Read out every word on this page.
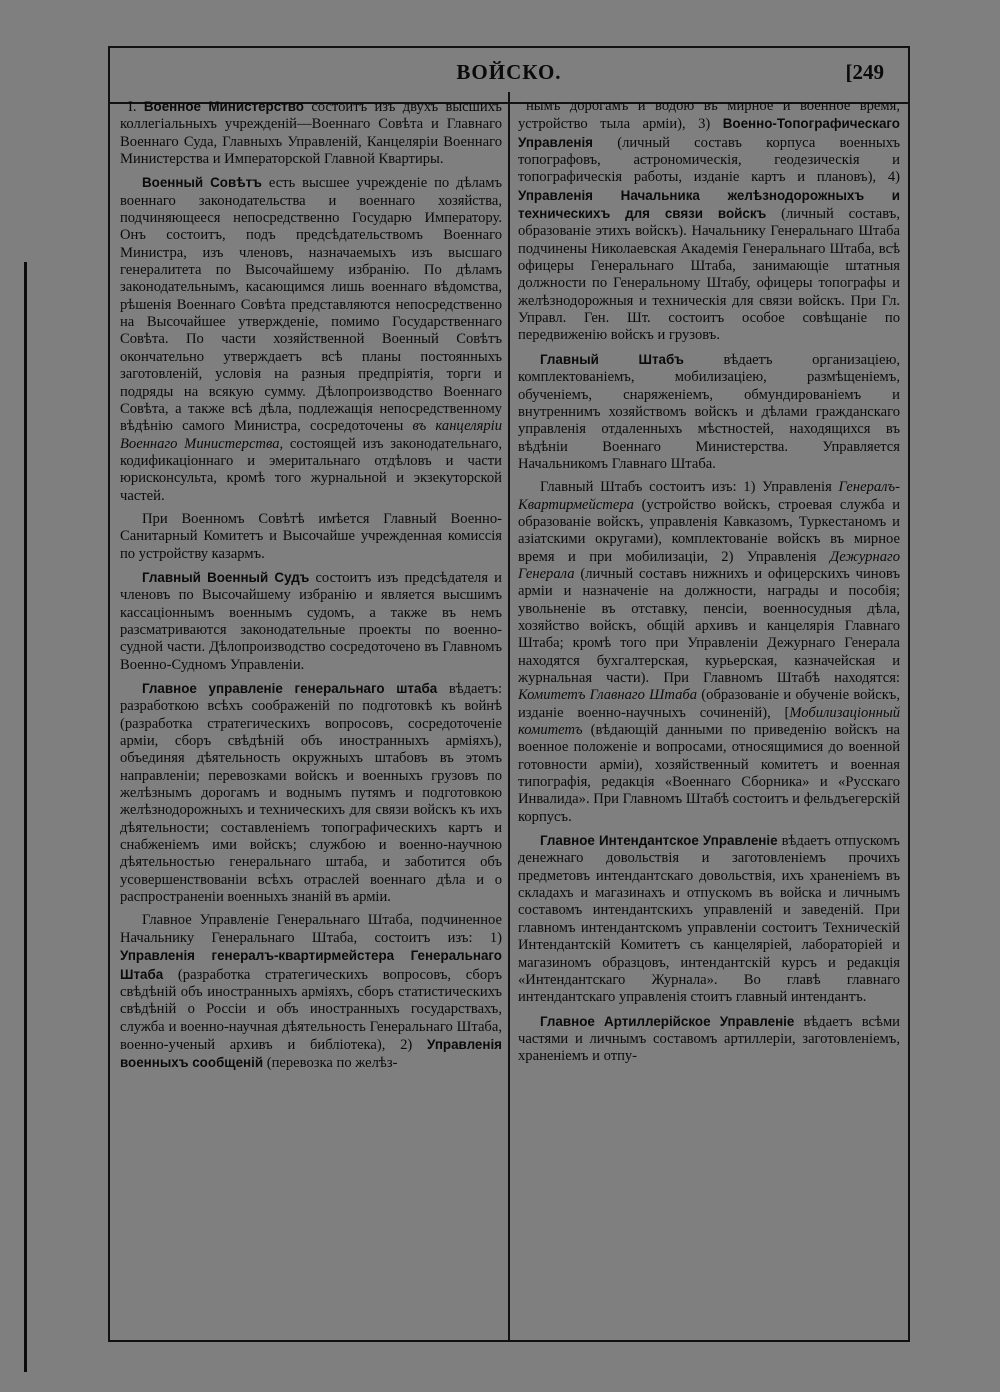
ВОЙСКО.	[249

I. Военное Министерство состоитъ изъ двухъ высшихъ коллегіальныхъ учрежденій—Военнаго Совѣта и Главнаго Военнаго Суда, Главныхъ Управленій, Канцеляріи Военнаго Министерства и Императорской Главной Квартиры.

Военный Совѣтъ есть высшее учрежденіе по дѣламъ военнаго законодательства и военнаго хозяйства, подчиняющееся непосредственно Государю Императору. Онъ состоитъ, подъ предсѣдательствомъ Военнаго Министра, изъ членовъ, назначаемыхъ изъ высшаго генералитета по Высочайшему избранію. По дѣламъ законодательнымъ, касающимся лишь военнаго вѣдомства, рѣшенія Военнаго Совѣта представляются непосредственно на Высочайшее утвержденіе, помимо Государственнаго Совѣта. По части хозяйственной Военный Совѣтъ окончательно утверждаетъ всѣ планы постоянныхъ заготовленій, условія на разныя предпріятія, торги и подряды на всякую сумму. Дѣлопроизводство Военнаго Совѣта, а также всѣ дѣла, подлежащія непосредственному вѣдѣнію самого Министра, сосредоточены въ канцеляріи Военнаго Министерства, состоящей изъ законодательнаго, кодификаціоннаго и эмеритальнаго отдѣловъ и части юрисконсульта, кромѣ того журнальной и экзекуторской частей.

При Военномъ Совѣтѣ имѣется Главный Военно-Санитарный Комитетъ и Высочайше учрежденная комиссія по устройству казармъ.

Главный Военный Судъ состоитъ изъ предсѣдателя и членовъ по Высочайшему избранію и является высшимъ кассаціоннымъ военнымъ судомъ, а также въ немъ разсматриваются законодательные проекты по военно-судной части. Дѣлопроизводство сосредоточено въ Главномъ Военно-Судномъ Управленіи.

Главное управленіе генеральнаго штаба вѣдаетъ: разработкою всѣхъ соображеній по подготовкѣ къ войнѣ (разработка стратегическихъ вопросовъ, сосредоточеніе арміи, сборъ свѣдѣній объ иностранныхъ арміяхъ), объединяя дѣятельность окружныхъ штабовъ въ этомъ направленіи; перевозками войскъ и военныхъ грузовъ по желѣзнымъ дорогамъ и воднымъ путямъ и подготовкою желѣзнодорожныхъ и техническихъ для связи войскъ къ ихъ дѣятельности; составленіемъ топографическихъ картъ и снабженіемъ ими войскъ; службою и военно-научною дѣятельностью генеральнаго штаба, и заботится объ усовершенствованіи всѣхъ отраслей военнаго дѣла и о распространеніи военныхъ знаній въ арміи.

Главное Управленіе Генеральнаго Штаба, подчиненное Начальнику Генеральнаго Штаба, состоитъ изъ: 1) Управленія генералъ-квартирмейстера Генеральнаго Штаба (разработка стратегическихъ вопросовъ, сборъ свѣдѣній объ иностранныхъ арміяхъ, сборъ статистическихъ свѣдѣній о Россіи и объ иностранныхъ государствахъ, служба и военно-научная дѣятельность Генеральнаго Штаба, военно-ученый архивъ и библіотека), 2) Управленія военныхъ сообщеній (перевозка по желѣз-

нымъ дорогамъ и водою въ мирное и военное время, устройство тыла арміи), 3) Военно-Топографическаго Управленія (личный составъ корпуса военныхъ топографовъ, астрономическія, геодезическія и топографическія работы, изданіе картъ и плановъ), 4) Управленія Начальника желѣзнодорожныхъ и техническихъ для связи войскъ (личный составъ, образованіе этихъ войскъ). Начальнику Генеральнаго Штаба подчинены Николаевская Академія Генеральнаго Штаба, всѣ офицеры Генеральнаго Штаба, занимающіе штатныя должности по Генеральному Штабу, офицеры топографы и желѣзнодорожныя и техническія для связи войскъ. При Гл. Управл. Ген. Шт. состоитъ особое совѣщаніе по передвиженію войскъ и грузовъ.

Главный Штабъ вѣдаетъ организаціею, комплектованіемъ, мобилизаціею, размѣщеніемъ, обученіемъ, снаряженіемъ, обмундированіемъ и внутреннимъ хозяйствомъ войскъ и дѣлами гражданскаго управленія отдаленныхъ мѣстностей, находящихся въ вѣдѣніи Военнаго Министерства. Управляется Начальникомъ Главнаго Штаба.

Главный Штабъ состоитъ изъ: 1) Управленія Генералъ-Квартирмейстера (устройство войскъ, строевая служба и образованіе войскъ, управленія Кавказомъ, Туркестаномъ и азіатскими округами), комплектованіе войскъ въ мирное время и при мобилизаціи, 2) Управленія Дежурнаго Генерала (личный составъ нижнихъ и офицерскихъ чиновъ арміи и назначеніе на должности, награды и пособія; увольненіе въ отставку, пенсіи, военносудныя дѣла, хозяйство войскъ, общій архивъ и канцелярія Главнаго Штаба; кромѣ того при Управленіи Дежурнаго Генерала находятся бухгалтерская, курьерская, казначейская и журнальная части). При Главномъ Штабѣ находятся: Комитетъ Главнаго Штаба (образованіе и обученіе войскъ, изданіе военно-научныхъ сочиненій), [Мобилизаціонный комитетъ (вѣдающій данными по приведенію войскъ на военное положеніе и вопросами, относящимися до военной готовности арміи), хозяйственный комитетъ и военная типографія, редакція «Военнаго Сборника» и «Русскаго Инвалида». При Главномъ Штабѣ состоитъ и фельдъегерскій корпусъ.

Главное Интендантское Управленіе вѣдаетъ отпускомъ денежнаго довольствія и заготовленіемъ прочихъ предметовъ интендантскаго довольствія, ихъ храненіемъ въ складахъ и магазинахъ и отпускомъ въ войска и личнымъ составомъ интендантскихъ управленій и заведеній. При главномъ интендантскомъ управленіи состоитъ Техническій Интендантскій Комитетъ съ канцеляріей, лабораторіей и магазиномъ образцовъ, интендантскій курсъ и редакція «Интендантскаго Журнала». Во главѣ главнаго интендантскаго управленія стоитъ главный интендантъ.

Главное Артиллерійское Управленіе вѣдаетъ всѣми частями и личнымъ составомъ артиллеріи, заготовленіемъ, храненіемъ и отпу-
